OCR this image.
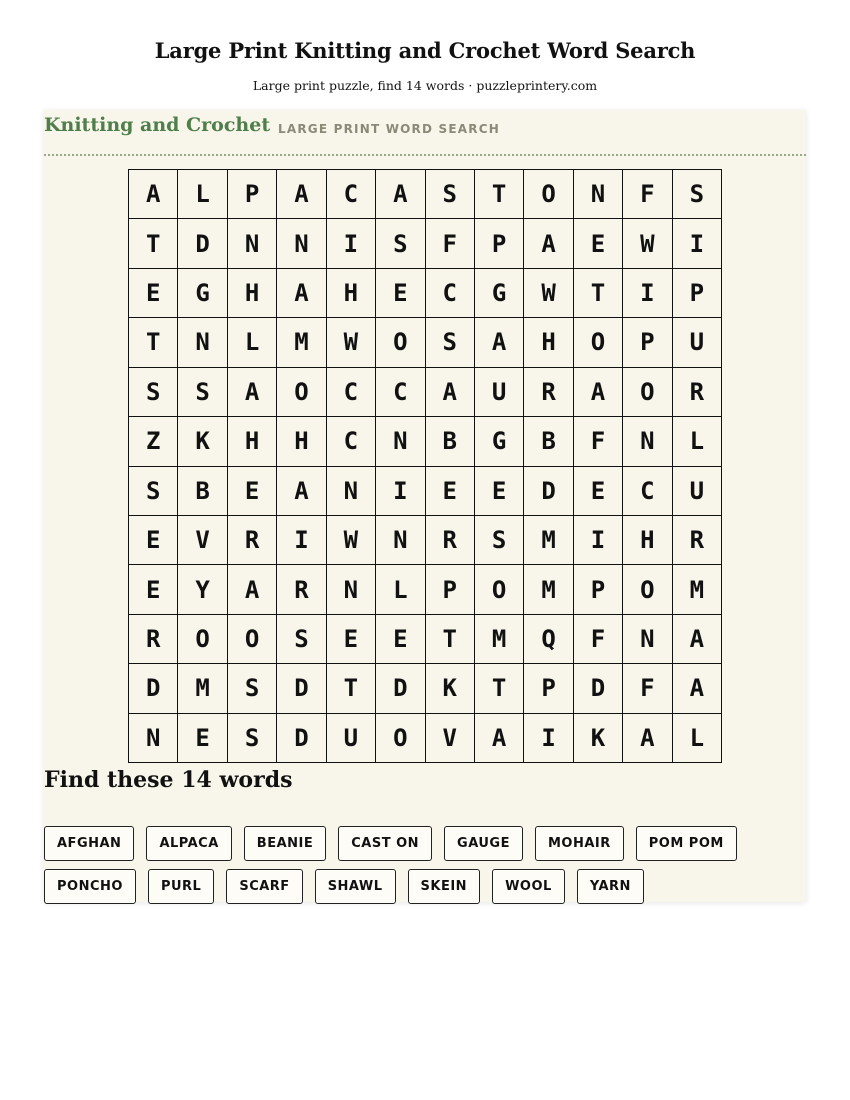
Large Print Knitting and Crochet Word Search

Large print puzzle, find 14 words · puzzleprintery.com

Knitting and Crochet LARGE PRINT WORD SEARCH
A	L	P	A	C	A	S	T	O	N	F	S
T	D	N	N	I	S	F	P	A	E	W	I
E	G	H	A	H	E	C	G	W	T	I	P
T	N	L	M	W	O	S	A	H	O	P	U
S	S	A	O	C	C	A	U	R	A	O	R
Z	K	H	H	C	N	B	G	B	F	N	L
S	B	E	A	N	I	E	E	D	E	C	U
E	V	R	I	W	N	R	S	M	I	H	R
E	Y	A	R	N	L	P	O	M	P	O	M
R	O	O	S	E	E	T	M	Q	F	N	A
D	M	S	D	T	D	K	T	P	D	F	A
N	E	S	D	U	O	V	A	I	K	A	L
Find these 14 words
AFGHAN	ALPACA	BEANIE	CAST ON	GAUGE	MOHAIR	POM POM
PONCHO	PURL	SCARF	SHAWL	SKEIN	WOOL	YARN
